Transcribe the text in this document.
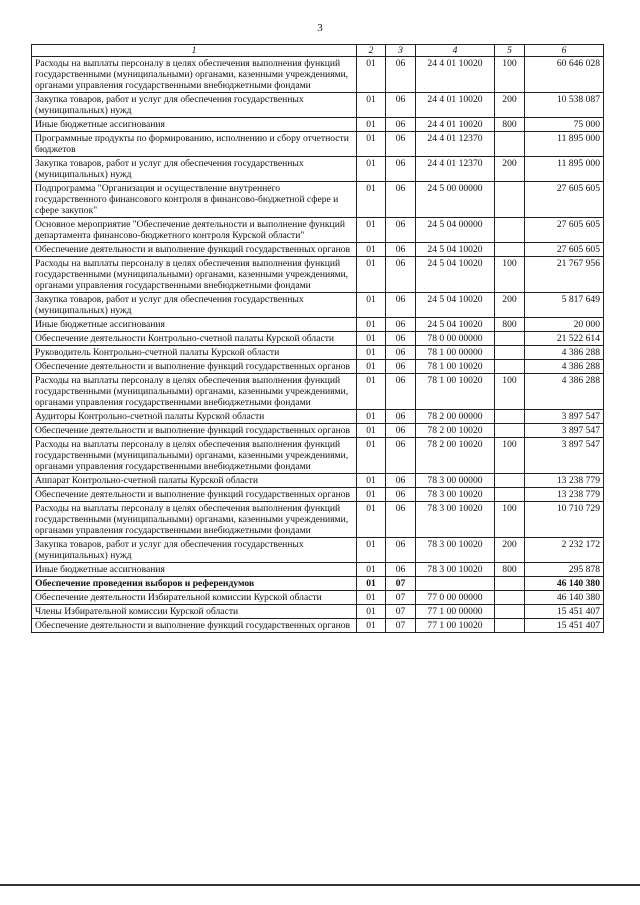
3
1	2	3	4	5	6
Расходы на выплаты персоналу в целях обеспечения выполнения функций государственными (муниципальными) органами, казенными учреждениями, органами управления государственными внебюджетными фондами	01	06	24 4 01 10020	100	60 646 028
Закупка товаров, работ и услуг для обеспечения государственных (муниципальных) нужд	01	06	24 4 01 10020	200	10 538 087
Иные бюджетные ассигнования	01	06	24 4 01 10020	800	75 000
Программные продукты по формированию, исполнению и сбору отчетности бюджетов	01	06	24 4 01 12370		11 895 000
Закупка товаров, работ и услуг для обеспечения государственных (муниципальных) нужд	01	06	24 4 01 12370	200	11 895 000
Подпрограмма "Организация и осуществление внутреннего государственного финансового контроля в финансово-бюджетной сфере и сфере закупок"	01	06	24 5 00 00000		27 605 605
Основное мероприятие "Обеспечение деятельности и выполнение функций департамента финансово-бюджетного контроля Курской области"	01	06	24 5 04 00000		27 605 605
Обеспечение деятельности и выполнение функций государственных органов	01	06	24 5 04 10020		27 605 605
Расходы на выплаты персоналу в целях обеспечения выполнения функций государственными (муниципальными) органами, казенными учреждениями, органами управления государственными внебюджетными фондами	01	06	24 5 04 10020	100	21 767 956
Закупка товаров, работ и услуг для обеспечения государственных (муниципальных) нужд	01	06	24 5 04 10020	200	5 817 649
Иные бюджетные ассигнования	01	06	24 5 04 10020	800	20 000
Обеспечение деятельности Контрольно-счетной палаты Курской области	01	06	78 0 00 00000		21 522 614
Руководитель Контрольно-счетной палаты Курской области	01	06	78 1 00 00000		4 386 288
Обеспечение деятельности и выполнение функций государственных органов	01	06	78 1 00 10020		4 386 288
Расходы на выплаты персоналу в целях обеспечения выполнения функций государственными (муниципальными) органами, казенными учреждениями, органами управления государственными внебюджетными фондами	01	06	78 1 00 10020	100	4 386 288
Аудиторы Контрольно-счетной палаты Курской области	01	06	78 2 00 00000		3 897 547
Обеспечение деятельности и выполнение функций государственных органов	01	06	78 2 00 10020		3 897 547
Расходы на выплаты персоналу в целях обеспечения выполнения функций государственными (муниципальными) органами, казенными учреждениями, органами управления государственными внебюджетными фондами	01	06	78 2 00 10020	100	3 897 547
Аппарат Контрольно-счетной палаты Курской области	01	06	78 3 00 00000		13 238 779
Обеспечение деятельности и выполнение функций государственных органов	01	06	78 3 00 10020		13 238 779
Расходы на выплаты персоналу в целях обеспечения выполнения функций государственными (муниципальными) органами, казенными учреждениями, органами управления государственными внебюджетными фондами	01	06	78 3 00 10020	100	10 710 729
Закупка товаров, работ и услуг для обеспечения государственных (муниципальных) нужд	01	06	78 3 00 10020	200	2 232 172
Иные бюджетные ассигнования	01	06	78 3 00 10020	800	295 878
Обеспечение проведения выборов и референдумов	01	07			46 140 380
Обеспечение деятельности Избирательной комиссии Курской области	01	07	77 0 00 00000		46 140 380
Члены Избирательной комиссии Курской области	01	07	77 1 00 00000		15 451 407
Обеспечение деятельности и выполнение функций государственных органов	01	07	77 1 00 10020		15 451 407
